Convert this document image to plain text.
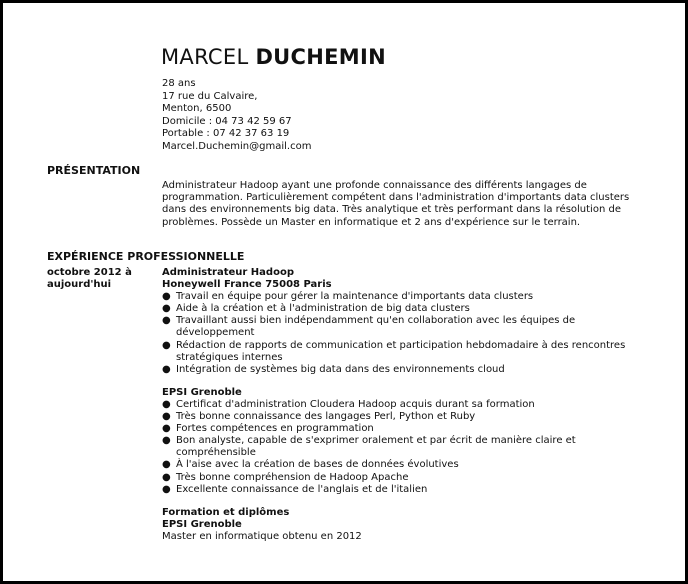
MARCEL DUCHEMIN
28 ans
17 rue du Calvaire,
Menton, 6500
Domicile : 04 73 42 59 67
Portable : 07 42 37 63 19
Marcel.Duchemin@gmail.com
PRÉSENTATION
Administrateur Hadoop ayant une profonde connaissance des différents langages de programmation. Particulièrement compétent dans l'administration d'importants data clusters dans des environnements big data. Très analytique et très performant dans la résolution de problèmes. Possède un Master en informatique et 2 ans d'expérience sur le terrain.
EXPÉRIENCE PROFESSIONNELLE
octobre 2012 à aujourd'hui
Administrateur Hadoop
Honeywell France 75008 Paris
● Travail en équipe pour gérer la maintenance d'importants data clusters
● Aide à la création et à l'administration de big data clusters
● Travaillant aussi bien indépendamment qu'en collaboration avec les équipes de développement
● Rédaction de rapports de communication et participation hebdomadaire à des rencontres stratégiques internes
● Intégration de systèmes big data dans des environnements cloud
EPSI Grenoble
● Certificat d'administration Cloudera Hadoop acquis durant sa formation
● Très bonne connaissance des langages Perl, Python et Ruby
● Fortes compétences en programmation
● Bon analyste, capable de s'exprimer oralement et par écrit de manière claire et compréhensible
● À l'aise avec la création de bases de données évolutives
● Très bonne compréhension de Hadoop Apache
● Excellente connaissance de l'anglais et de l'italien
Formation et diplômes
EPSI Grenoble
Master en informatique obtenu en 2012
